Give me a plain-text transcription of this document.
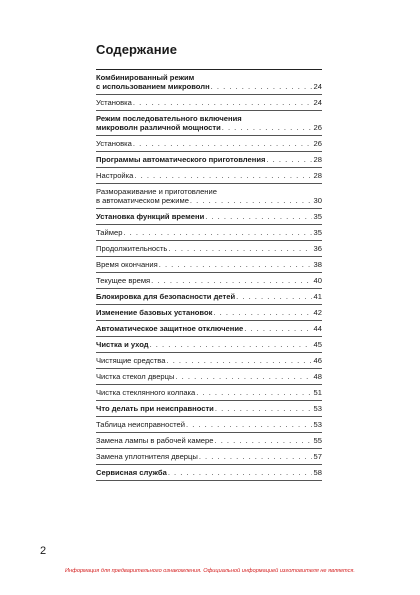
Содержание
Комбинированный режим
с использованием микроволн . . .	24
Установка . . .	24
Режим последовательного включения
микроволн различной мощности . . .	26
Установка . . .	26
Программы автоматического приготовления . . .	28
Настройка . . .	28
Размораживание и приготовление
в автоматическом режиме . . .	30
Установка функций времени . . .	35
Таймер . . .	35
Продолжительность . . .	36
Время окончания . . .	38
Текущее время . . .	40
Блокировка для безопасности детей . . .	41
Изменение базовых установок . . .	42
Автоматическое защитное отключение . . .	44
Чистка и уход . . .	45
Чистящие средства . . .	46
Чистка стекол дверцы . . .	48
Чистка стеклянного колпака . . .	51
Что делать при неисправности . . .	53
Таблица неисправностей . . .	53
Замена лампы в рабочей камере . . .	55
Замена уплотнителя дверцы . . .	57
Сервисная служба . . .	58
2
Информация для предварительного ознакомления. Официальной информацией изготовителя не является.
